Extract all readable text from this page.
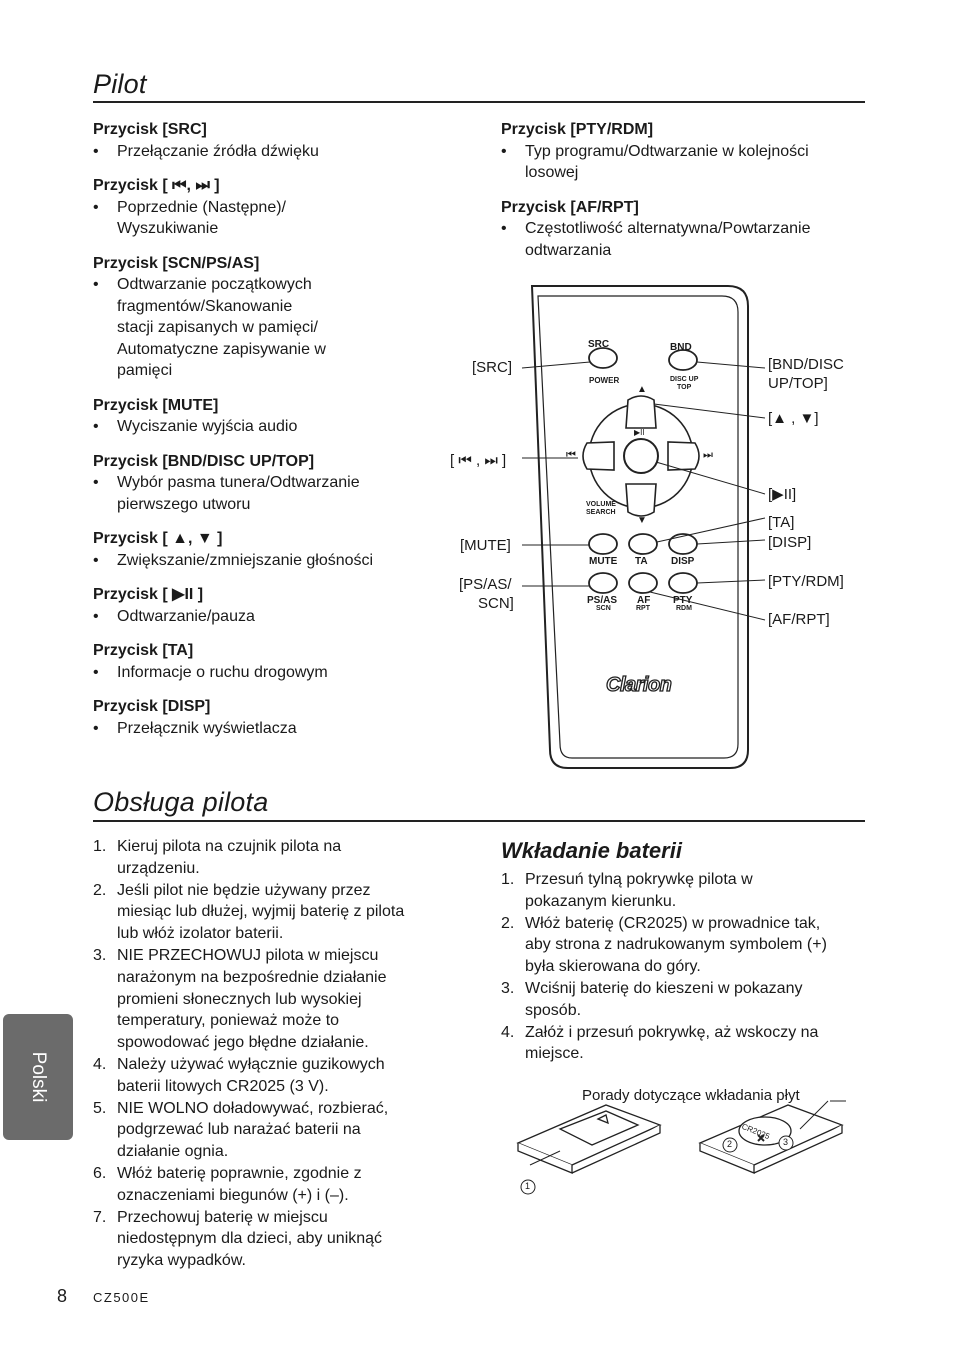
Pilot
Przycisk [SRC]
• Przełączanie źródła dźwięku
Przycisk [ ⏮, ⏭ ]
• Poprzednie (Następne)/
Wyszukiwanie
Przycisk [SCN/PS/AS]
• Odtwarzanie początkowych
fragmentów/Skanowanie
stacji zapisanych w pamięci/
Automatyczne zapisywanie w
pamięci
Przycisk [MUTE]
• Wyciszanie wyjścia audio
Przycisk [BND/DISC UP/TOP]
• Wybór pasma tunera/Odtwarzanie
pierwszego utworu
Przycisk [ ▲, ▼ ]
• Zwiększanie/zmniejszanie głośności
Przycisk [ ▶II ]
• Odtwarzanie/pauza
Przycisk [TA]
• Informacje o ruchu drogowym
Przycisk [DISP]
• Przełącznik wyświetlacza
Przycisk [PTY/RDM]
• Typ programu/Odtwarzanie w kolejności
losowej
Przycisk [AF/RPT]
• Częstotliwość alternatywna/Powtarzanie
odtwarzania
SRC
POWER
BND
DISC UP
TOP
▲
▶II
⏮	⏭
▼
VOLUME
SEARCH
MUTE TA DISP
PS/AS
SCN
AF
RPT
PTY
RDM
Clarion
[SRC]
[ ⏮ , ⏭ ]
[MUTE]
[PS/AS/
SCN]
[BND/DISC
UP/TOP]
[▲ , ▼]
[▶II]
[TA]
[DISP]
[PTY/RDM]
[AF/RPT]
Obsługa pilota
1. Kieruj pilota na czujnik pilota na
urządzeniu.
2. Jeśli pilot nie będzie używany przez
miesiąc lub dłużej, wyjmij baterię z pilota
lub włóż izolator baterii.
3. NIE PRZECHOWUJ pilota w miejscu
narażonym na bezpośrednie działanie
promieni słonecznych lub wysokiej
temperatury, ponieważ może to
spowodować jego błędne działanie.
4. Należy używać wyłącznie guzikowych
baterii litowych CR2025 (3 V).
5. NIE WOLNO doładowywać, rozbierać,
podgrzewać lub narażać baterii na
działanie ognia.
6. Włóż baterię poprawnie, zgodnie z
oznaczeniami biegunów (+) i (–).
7. Przechowuj baterię w miejscu
niedostępnym dla dzieci, aby uniknąć
ryzyka wypadków.
Wkładanie baterii
1. Przesuń tylną pokrywkę pilota w
pokazanym kierunku.
2. Włóż baterię (CR2025) w prowadnice tak,
aby strona z nadrukowanym symbolem (+)
była skierowana do góry.
3. Wciśnij baterię do kieszeni w pokazany
sposób.
4. Załóż i przesuń pokrywkę, aż wskoczy na
miejsce.
Porady dotyczące wkładania płyt
CR2025
1
2	3
Polski
8 CZ500E
